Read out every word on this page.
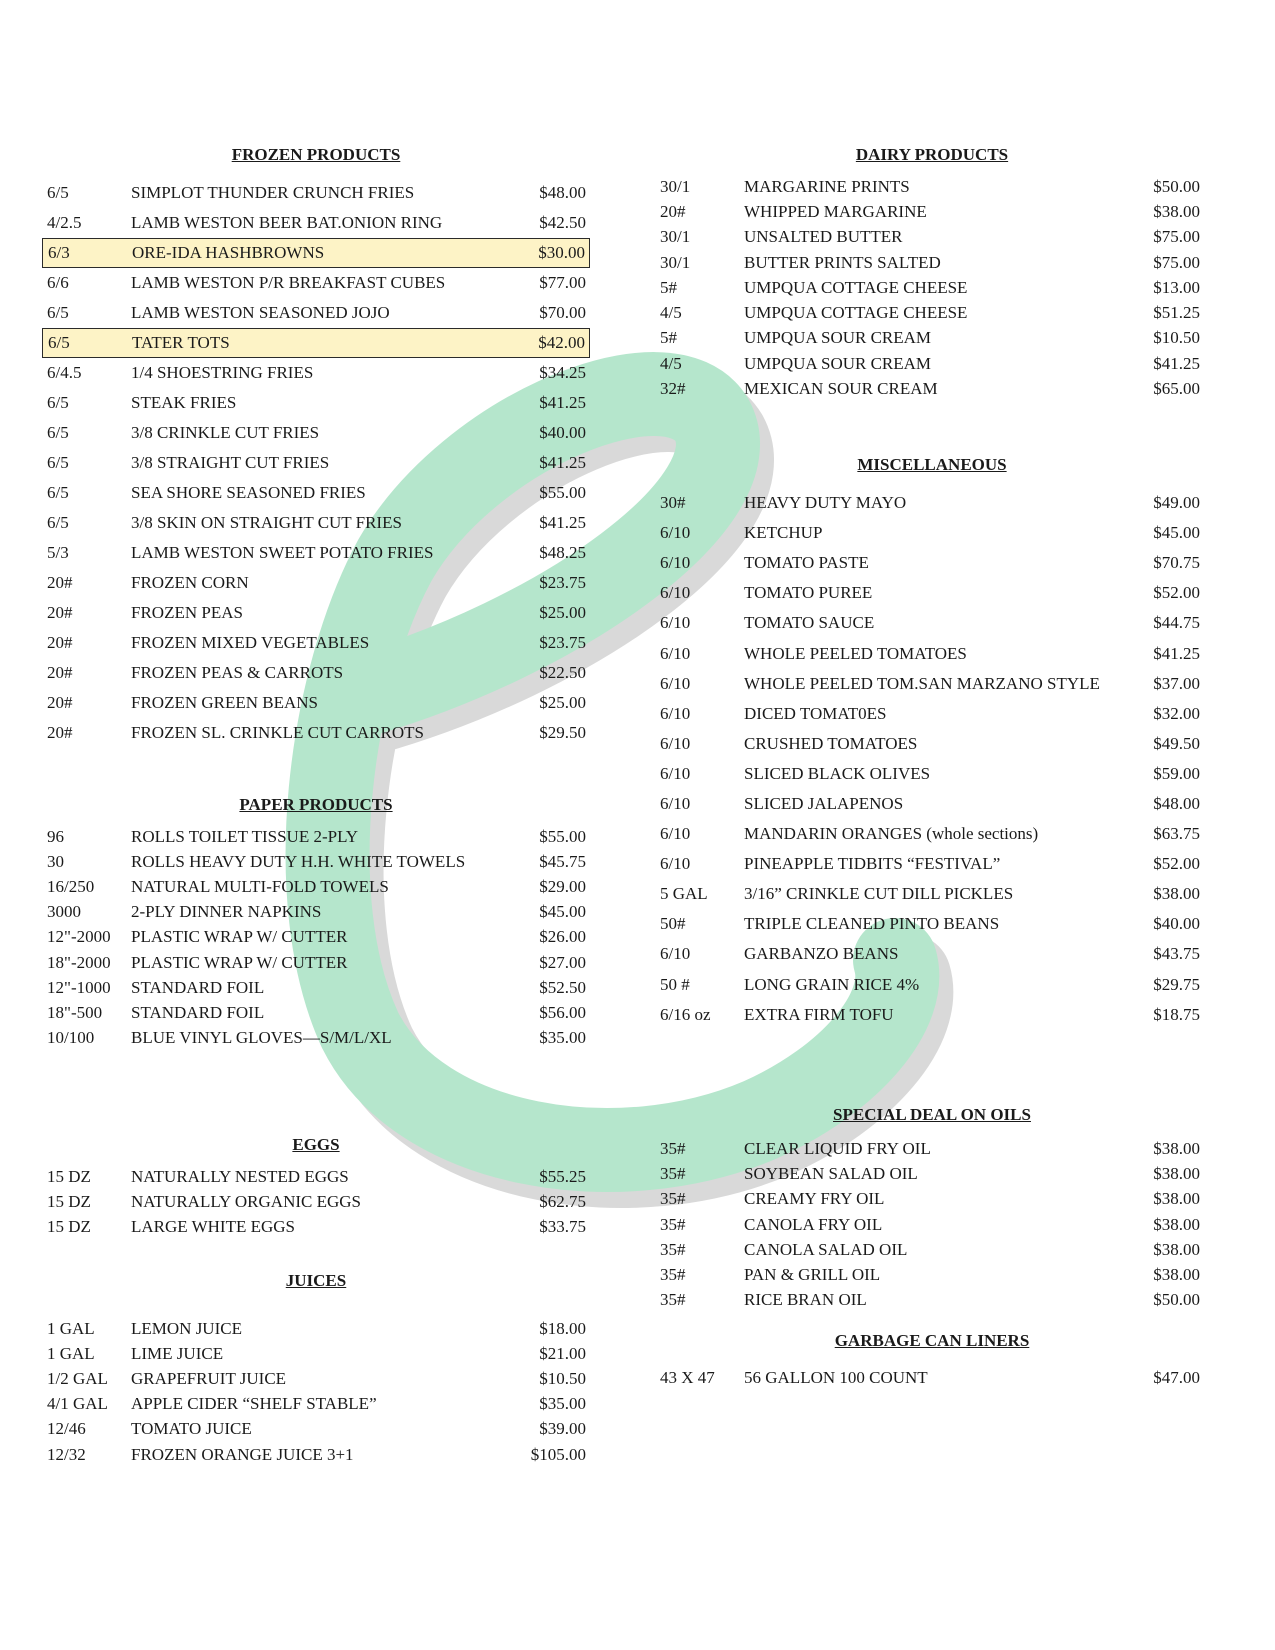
FROZEN PRODUCTS
6/5	SIMPLOT THUNDER CRUNCH FRIES	$48.00
4/2.5	LAMB WESTON BEER BAT.ONION RING	$42.50
6/3	ORE-IDA HASHBROWNS	$30.00
6/6	LAMB WESTON P/R BREAKFAST CUBES	$77.00
6/5	LAMB WESTON SEASONED JOJO	$70.00
6/5	TATER TOTS	$42.00
6/4.5	1/4 SHOESTRING FRIES	$34.25
6/5	STEAK FRIES	$41.25
6/5	3/8 CRINKLE CUT FRIES	$40.00
6/5	3/8 STRAIGHT CUT FRIES	$41.25
6/5	SEA SHORE SEASONED FRIES	$55.00
6/5	3/8 SKIN ON STRAIGHT CUT FRIES	$41.25
5/3	LAMB WESTON SWEET POTATO FRIES	$48.25
20#	FROZEN CORN	$23.75
20#	FROZEN PEAS	$25.00
20#	FROZEN MIXED VEGETABLES	$23.75
20#	FROZEN PEAS & CARROTS	$22.50
20#	FROZEN GREEN BEANS	$25.00
20#	FROZEN SL. CRINKLE CUT CARROTS	$29.50
PAPER PRODUCTS
96	ROLLS TOILET TISSUE 2-PLY	$55.00
30	ROLLS HEAVY DUTY H.H. WHITE TOWELS	$45.75
16/250	NATURAL MULTI-FOLD TOWELS	$29.00
3000	2-PLY DINNER NAPKINS	$45.00
12"-2000	PLASTIC WRAP W/ CUTTER	$26.00
18"-2000	PLASTIC WRAP W/ CUTTER	$27.00
12"-1000	STANDARD FOIL	$52.50
18"-500	STANDARD FOIL	$56.00
10/100	BLUE VINYL GLOVES—S/M/L/XL	$35.00
EGGS
15 DZ	NATURALLY NESTED EGGS	$55.25
15 DZ	NATURALLY ORGANIC EGGS	$62.75
15 DZ	LARGE WHITE EGGS	$33.75
JUICES
1 GAL	LEMON JUICE	$18.00
1 GAL	LIME JUICE	$21.00
1/2 GAL	GRAPEFRUIT JUICE	$10.50
4/1 GAL	APPLE CIDER “SHELF STABLE”	$35.00
12/46	TOMATO JUICE	$39.00
12/32	FROZEN ORANGE JUICE 3+1	$105.00
DAIRY PRODUCTS
30/1	MARGARINE PRINTS	$50.00
20#	WHIPPED MARGARINE	$38.00
30/1	UNSALTED BUTTER	$75.00
30/1	BUTTER PRINTS SALTED	$75.00
5#	UMPQUA COTTAGE CHEESE	$13.00
4/5	UMPQUA COTTAGE CHEESE	$51.25
5#	UMPQUA SOUR CREAM	$10.50
4/5	UMPQUA SOUR CREAM	$41.25
32#	MEXICAN SOUR CREAM	$65.00
MISCELLANEOUS
30#	HEAVY DUTY MAYO	$49.00
6/10	KETCHUP	$45.00
6/10	TOMATO PASTE	$70.75
6/10	TOMATO PUREE	$52.00
6/10	TOMATO SAUCE	$44.75
6/10	WHOLE PEELED TOMATOES	$41.25
6/10	WHOLE PEELED TOM.SAN MARZANO STYLE	$37.00
6/10	DICED TOMAT0ES	$32.00
6/10	CRUSHED TOMATOES	$49.50
6/10	SLICED BLACK OLIVES	$59.00
6/10	SLICED JALAPENOS	$48.00
6/10	MANDARIN ORANGES (whole sections)	$63.75
6/10	PINEAPPLE TIDBITS “FESTIVAL”	$52.00
5 GAL	3/16” CRINKLE CUT DILL PICKLES	$38.00
50#	TRIPLE CLEANED PINTO BEANS	$40.00
6/10	GARBANZO BEANS	$43.75
50 #	LONG GRAIN RICE 4%	$29.75
6/16 oz	EXTRA FIRM TOFU	$18.75
SPECIAL DEAL ON OILS
35#	CLEAR LIQUID FRY OIL	$38.00
35#	SOYBEAN SALAD OIL	$38.00
35#	CREAMY FRY OIL	$38.00
35#	CANOLA FRY OIL	$38.00
35#	CANOLA SALAD OIL	$38.00
35#	PAN & GRILL OIL	$38.00
35#	RICE BRAN OIL	$50.00
GARBAGE CAN LINERS
43 X 47	56 GALLON 100 COUNT	$47.00
